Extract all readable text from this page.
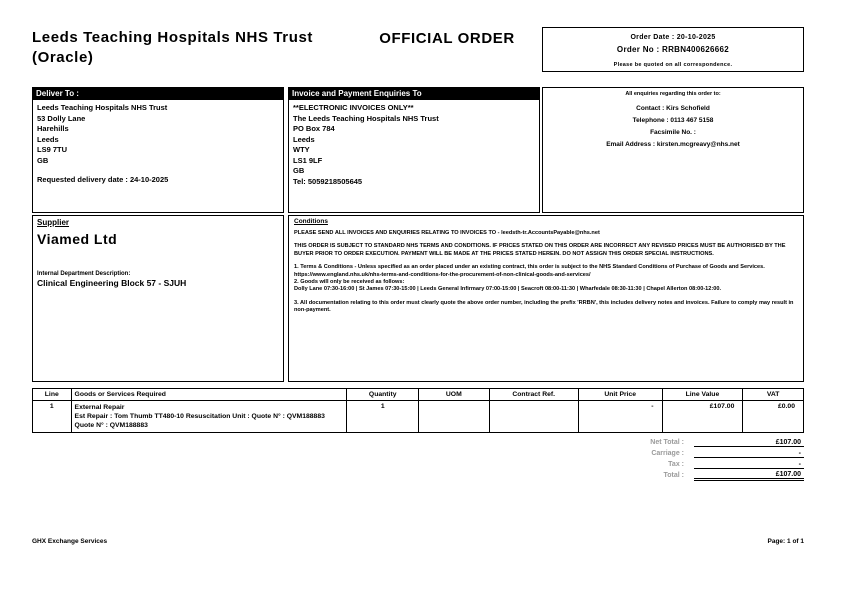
Leeds Teaching Hospitals NHS Trust (Oracle)
OFFICIAL ORDER	Order Date : 20-10-2025
Order No : RRBN400626662
Please be quoted on all correspondence.
Deliver To :
Leeds Teaching Hospitals NHS Trust
53 Dolly Lane
Harehills
Leeds
LS9 7TU
GB
Requested delivery date : 24-10-2025
Invoice and Payment Enquiries To
**ELECTRONIC INVOICES ONLY**
The Leeds Teaching Hospitals NHS Trust
PO Box 784
Leeds
WTY
LS1 9LF
GB
Tel: 5059218505645
All enquiries regarding this order to:
Contact : Kirs Schofield
Telephone : 0113 467 5158
Facsimile No. :
Email Address : kirsten.mcgreavy@nhs.net
Supplier
Viamed Ltd
Internal Department Description:
Clinical Engineering Block 57 - SJUH
Conditions

PLEASE SEND ALL INVOICES AND ENQUIRIES RELATING TO INVOICES TO - leedsth-tr.AccountsPayable@nhs.net

THIS ORDER IS SUBJECT TO STANDARD NHS TERMS AND CONDITIONS. IF PRICES STATED ON THIS ORDER ARE INCORRECT ANY REVISED PRICES MUST BE AUTHORISED BY THE BUYER PRIOR TO ORDER EXECUTION. PAYMENT WILL BE MADE AT THE PRICES STATED HEREIN. DO NOT ASSIGN THIS ORDER SPECIAL INSTRUCTIONS.

1. Terms & Conditions - Unless specified as an order placed under an existing contract, this order is subject to the NHS Standard Conditions of Purchase of Goods and Services.

https://www.england.nhs.uk/nhs-terms-and-conditions-for-the-procurement-of-non-clinical-goods-and-services/

2. Goods will only be received as follows:

Dolly Lane 07:30-16:00 | St James 07:30-15:00 | Leeds General Infirmary 07:00-15:00 | Seacroft 08:00-11:30 | Wharfedale 08:30-11:30 | Chapel Allerton 08:00-12:00.

3. All documentation relating to this order must clearly quote the above order number, including the prefix 'RRBN', this includes delivery notes and invoices. Failure to comply may result in non-payment.

Line	Goods or Services Required	Quantity	UOM	Contract Ref.	Unit Price	Line Value	VAT
1	External Repair
Est Repair : Tom Thumb TT480-10 Resuscitation Unit : Quote N° : QVM188883
Quote N° : QVM188883	1			-	£107.00	£0.00
Net Total :	£107.00
Carriage :	-
Tax :	-
Total :	£107.00
GHX Exchange Services	Page: 1 of 1
